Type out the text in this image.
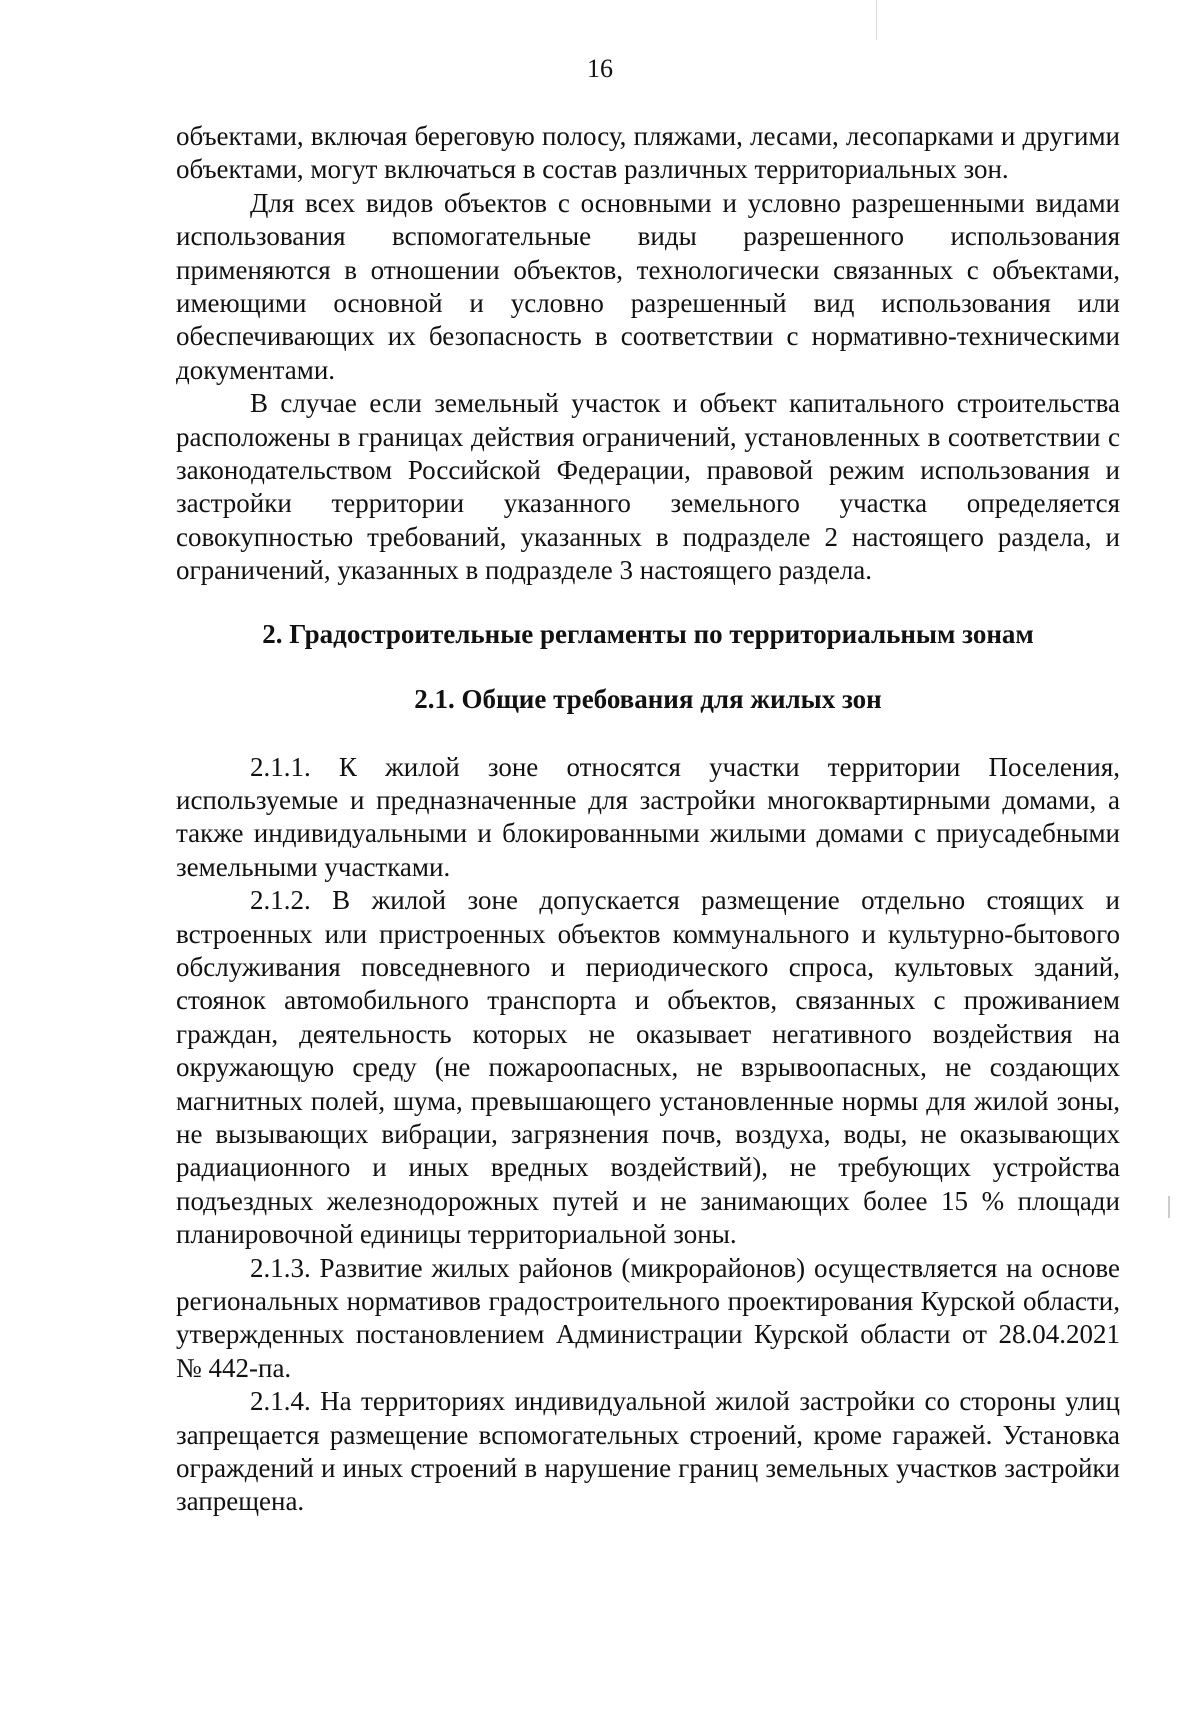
16

объектами, включая береговую полосу, пляжами, лесами, лесопарками и другими объектами, могут включаться в состав различных территориальных зон.

Для всех видов объектов с основными и условно разрешенными видами использования вспомогательные виды разрешенного использования применяются в отношении объектов, технологически связанных с объектами, имеющими основной и условно разрешенный вид использования или обеспечивающих их безопасность в соответствии с нормативно-техническими документами.

В случае если земельный участок и объект капитального строительства расположены в границах действия ограничений, установленных в соответствии с законодательством Российской Федерации, правовой режим использования и застройки территории указанного земельного участка определяется совокупностью требований, указанных в подразделе 2 настоящего раздела, и ограничений, указанных в подразделе 3 настоящего раздела.

2. Градостроительные регламенты по территориальным зонам
2.1. Общие требования для жилых зон

2.1.1. К жилой зоне относятся участки территории Поселения, используемые и предназначенные для застройки многоквартирными домами, а также индивидуальными и блокированными жилыми домами с приусадебными земельными участками.

2.1.2. В жилой зоне допускается размещение отдельно стоящих и встроенных или пристроенных объектов коммунального и культурно-бытового обслуживания повседневного и периодического спроса, культовых зданий, стоянок автомобильного транспорта и объектов, связанных с проживанием граждан, деятельность которых не оказывает негативного воздействия на окружающую среду (не пожароопасных, не взрывоопасных, не создающих магнитных полей, шума, превышающего установленные нормы для жилой зоны, не вызывающих вибрации, загрязнения почв, воздуха, воды, не оказывающих радиационного и иных вредных воздействий), не требующих устройства подъездных железнодорожных путей и не занимающих более 15 % площади планировочной единицы территориальной зоны.

2.1.3. Развитие жилых районов (микрорайонов) осуществляется на основе региональных нормативов градостроительного проектирования Курской области, утвержденных постановлением Администрации Курской области от 28.04.2021 № 442-па.

2.1.4. На территориях индивидуальной жилой застройки со стороны улиц запрещается размещение вспомогательных строений, кроме гаражей. Установка ограждений и иных строений в нарушение границ земельных участков застройки запрещена.
